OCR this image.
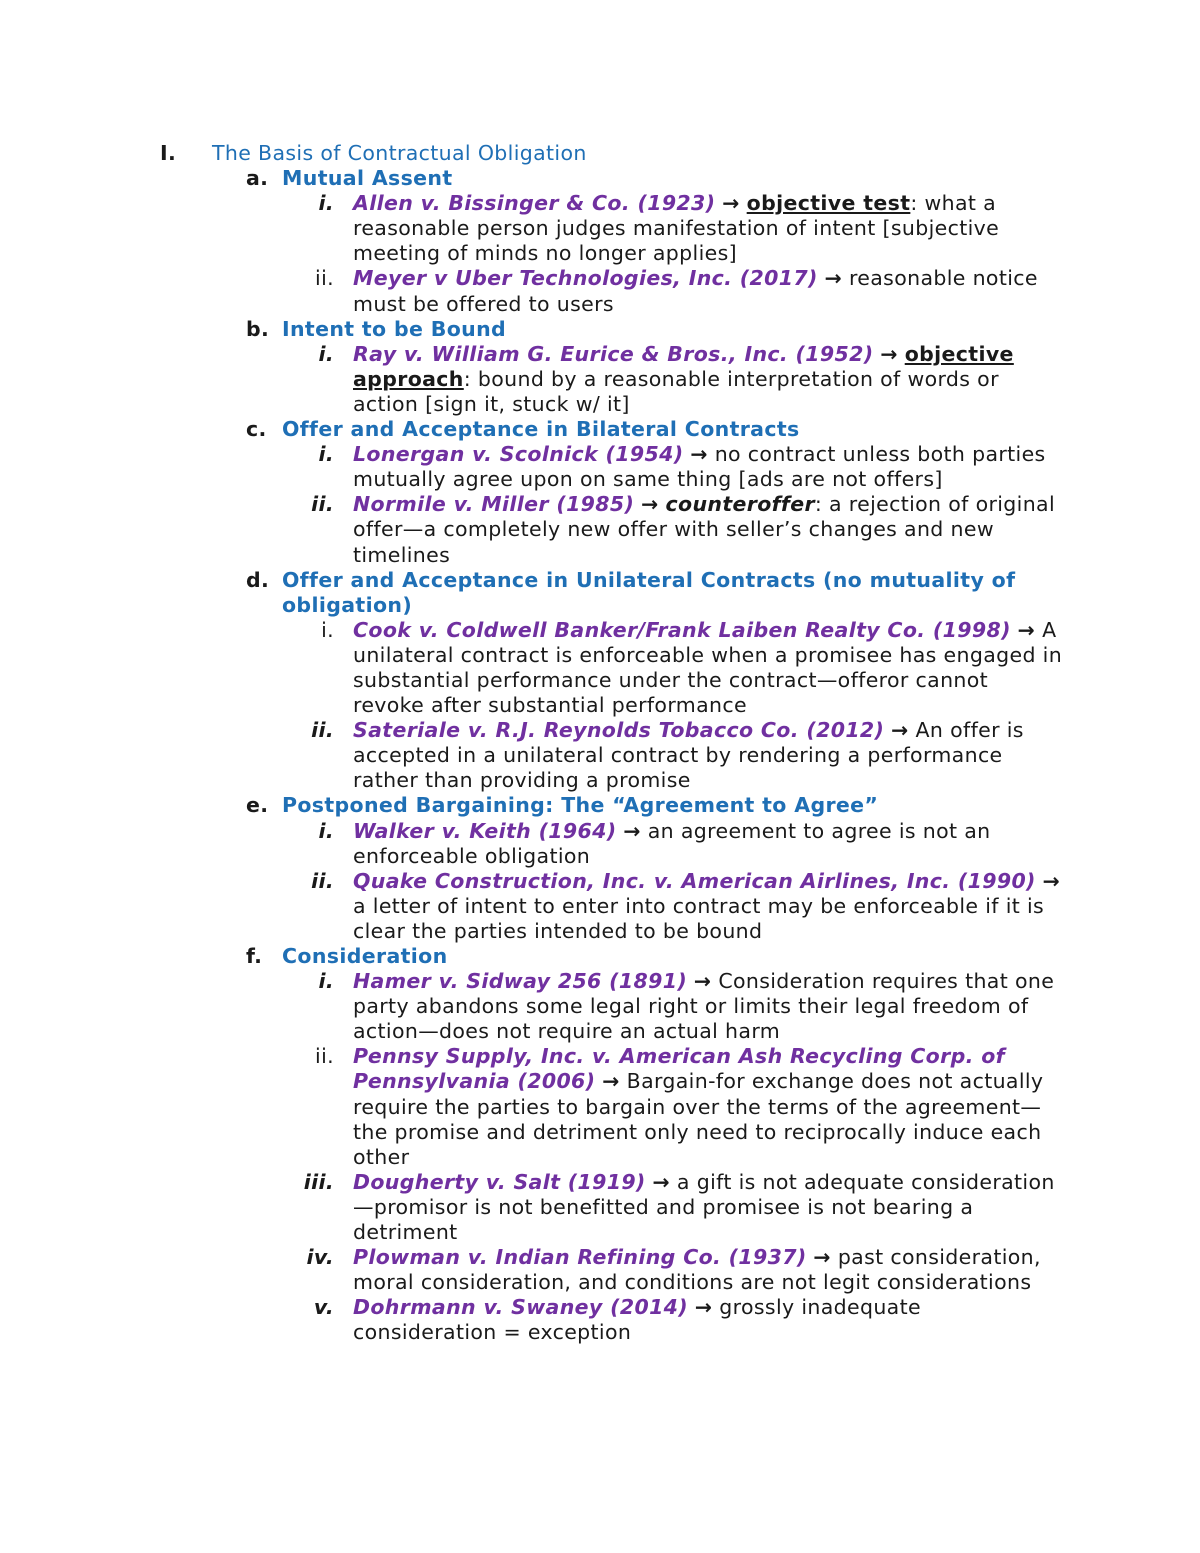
I. The Basis of Contractual Obligation
a. Mutual Assent
i. Allen v. Bissinger & Co. (1923) → objective test: what a reasonable person judges manifestation of intent [subjective meeting of minds no longer applies]
ii. Meyer v Uber Technologies, Inc. (2017) → reasonable notice must be offered to users
b. Intent to be Bound
i. Ray v. William G. Eurice & Bros., Inc. (1952) → objective approach: bound by a reasonable interpretation of words or action [sign it, stuck w/ it]
c. Offer and Acceptance in Bilateral Contracts
i. Lonergan v. Scolnick (1954) → no contract unless both parties mutually agree upon on same thing [ads are not offers]
ii. Normile v. Miller (1985) → counteroffer: a rejection of original offer—a completely new offer with seller’s changes and new timelines
d. Offer and Acceptance in Unilateral Contracts (no mutuality of obligation)
i. Cook v. Coldwell Banker/Frank Laiben Realty Co. (1998) → A unilateral contract is enforceable when a promisee has engaged in substantial performance under the contract—offeror cannot revoke after substantial performance
ii. Sateriale v. R.J. Reynolds Tobacco Co. (2012) → An offer is accepted in a unilateral contract by rendering a performance rather than providing a promise
e. Postponed Bargaining: The “Agreement to Agree”
i. Walker v. Keith (1964) → an agreement to agree is not an enforceable obligation
ii. Quake Construction, Inc. v. American Airlines, Inc. (1990) → a letter of intent to enter into contract may be enforceable if it is clear the parties intended to be bound
f. Consideration
i. Hamer v. Sidway 256 (1891) → Consideration requires that one party abandons some legal right or limits their legal freedom of action—does not require an actual harm
ii. Pennsy Supply, Inc. v. American Ash Recycling Corp. of Pennsylvania (2006) → Bargain-for exchange does not actually require the parties to bargain over the terms of the agreement—the promise and detriment only need to reciprocally induce each other
iii. Dougherty v. Salt (1919) → a gift is not adequate consideration—promisor is not benefitted and promisee is not bearing a detriment
iv. Plowman v. Indian Refining Co. (1937) → past consideration, moral consideration, and conditions are not legit considerations
v. Dohrmann v. Swaney (2014) → grossly inadequate consideration = exception
